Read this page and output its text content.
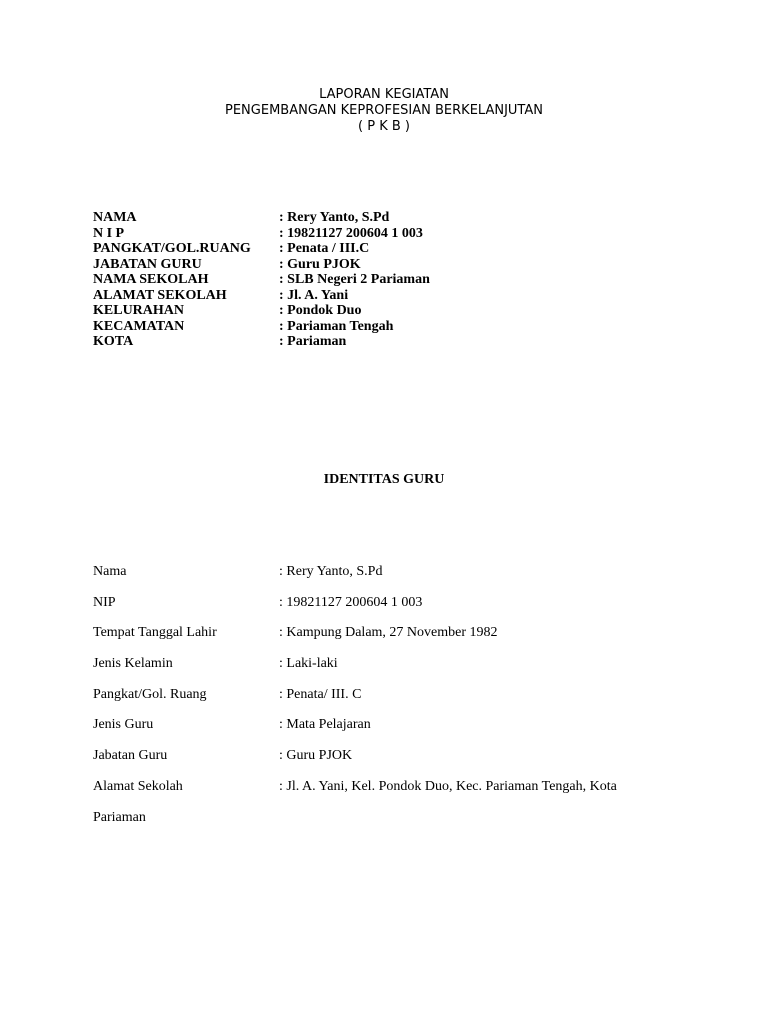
LAPORAN KEGIATAN
PENGEMBANGAN KEPROFESIAN BERKELANJUTAN
( P K B )
NAMA	: Rery Yanto, S.Pd
N I P	: 19821127 200604 1 003
PANGKAT/GOL.RUANG : Penata / III.C
JABATAN GURU	: Guru PJOK
NAMA SEKOLAH	: SLB Negeri 2 Pariaman
ALAMAT SEKOLAH	: Jl. A. Yani
KELURAHAN	: Pondok Duo
KECAMATAN	: Pariaman Tengah
KOTA	: Pariaman
IDENTITAS GURU
Nama	: Rery Yanto, S.Pd
NIP	: 19821127 200604 1 003
Tempat Tanggal Lahir	: Kampung Dalam, 27 November 1982
Jenis Kelamin	: Laki-laki
Pangkat/Gol. Ruang	: Penata/ III. C
Jenis Guru	: Mata Pelajaran
Jabatan Guru	: Guru PJOK
Alamat Sekolah	: Jl. A. Yani, Kel. Pondok Duo, Kec. Pariaman Tengah, Kota
Pariaman
